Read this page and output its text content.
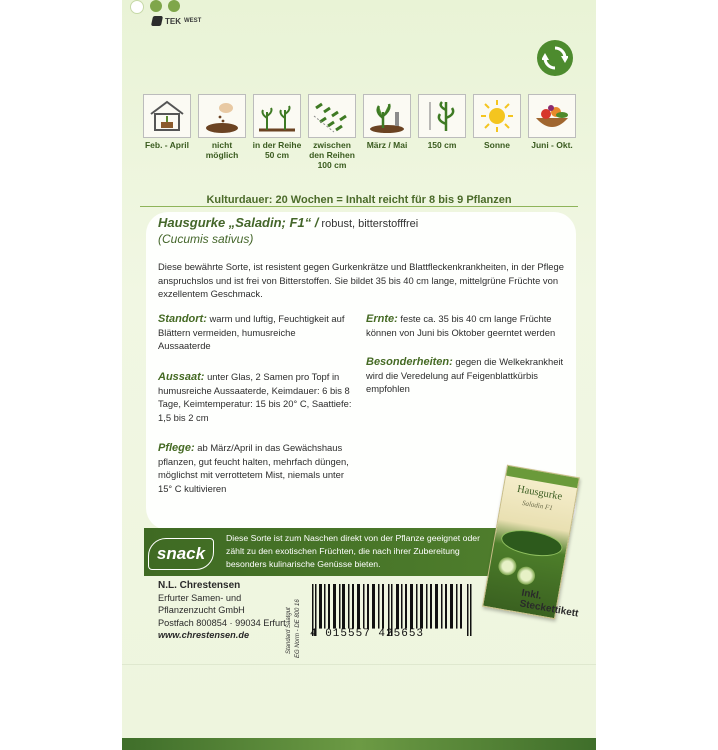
TEK WEST
Feb. - April	nicht möglich
in der Reihe 50 cm
zwischen den Reihen 100 cm
März / Mai 150 cm	Sonne Juni - Okt.
Kulturdauer: 20 Wochen = Inhalt reicht für 8 bis 9 Pflanzen
Hausgurke „Saladin; F1“ / robust, bitterstofffrei
(Cucumis sativus)
Diese bewährte Sorte, ist resistent gegen Gurkenkrätze und Blattfleckenkrankheiten, in der Pflege anspruchslos und ist frei von Bitterstoffen. Sie bildet 35 bis 40 cm lange, mittelgrüne Früchte von exzellentem Geschmack.
Standort: warm und luftig, Feuchtigkeit auf Blättern vermeiden, humusreiche Aussaaterde
Aussaat: unter Glas, 2 Samen pro Topf in humusreiche Aussaaterde, Keimdauer: 6 bis 8 Tage, Keimtemperatur: 15 bis 20° C, Saattiefe: 1,5 bis 2 cm
Pflege: ab März/April in das Gewächshaus pflanzen, gut feucht halten, mehrfach düngen, möglichst mit verrottetem Mist, niemals unter 15° C kultivieren
Ernte: feste ca. 35 bis 40 cm lange Früchte können von Juni bis Oktober geerntet werden
Besonderheiten: gegen die Welkekrankheit wird die Veredelung auf Feigenblattkürbis empfohlen
snack
Diese Sorte ist zum Naschen direkt von der Pflanze geeignet oder zählt zu den exotischen Früchten, die nach ihrer Zubereitung besonders kulinarische Genüsse bieten.
Hausgurke
Saladin F1
Inkl. Steckettikett
N.L. Chrestensen
Erfurter Samen- und
Pflanzenzucht GmbH
Postfach 800854 · 99034 Erfurt
www.chrestensen.de	Standard Saatgut EG Norm - DE 800 16 4 015557 425653
